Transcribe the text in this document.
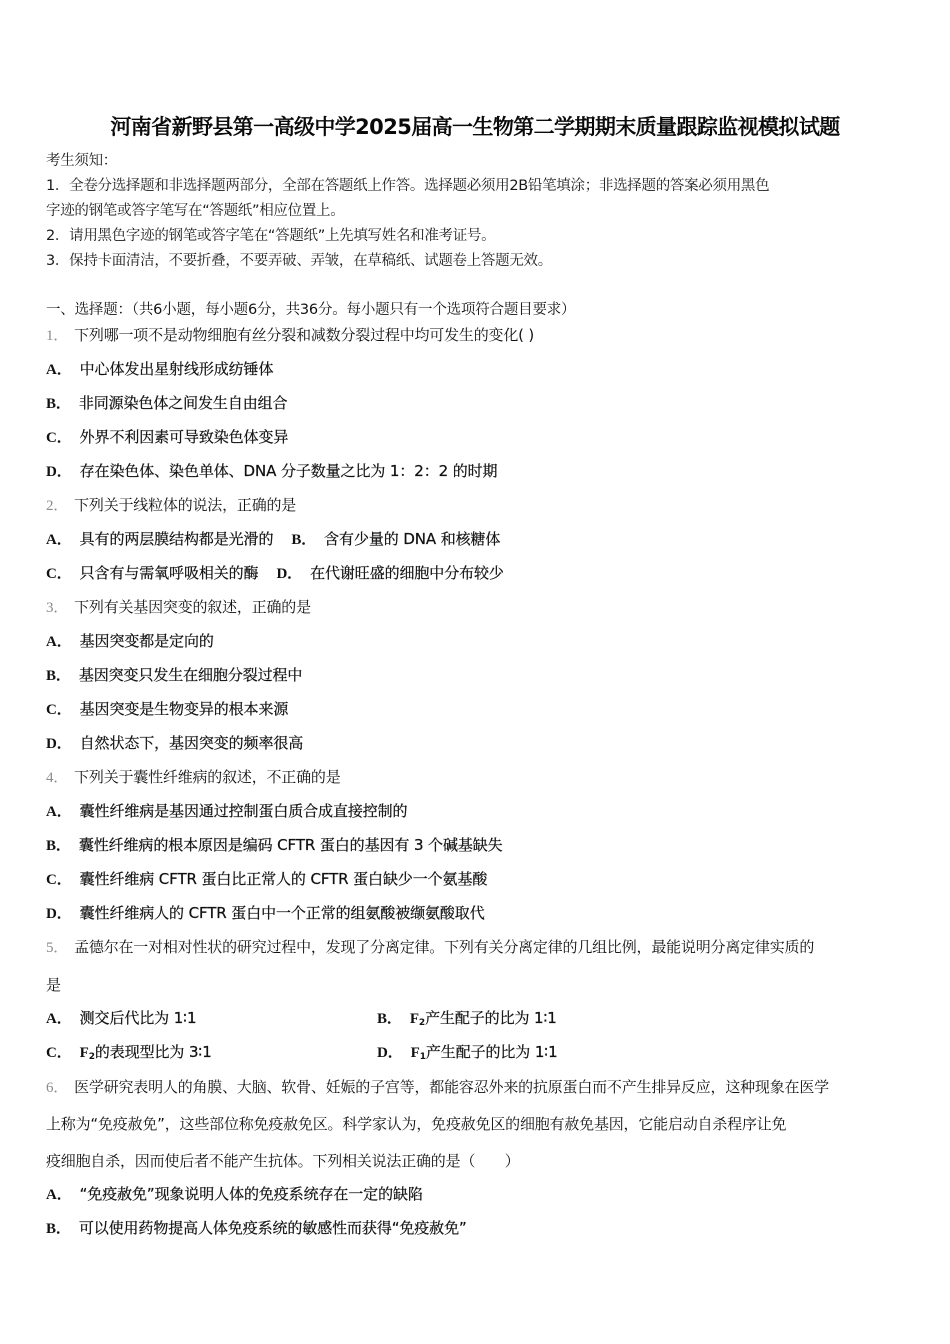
河南省新野县第一高级中学2025届高一生物第二学期期末质量跟踪监视模拟试题
考生须知：
1．全卷分选择题和非选择题两部分，全部在答题纸上作答。选择题必须用2B铅笔填涂；非选择题的答案必须用黑色
字迹的钢笔或答字笔写在“答题纸”相应位置上。
2．请用黑色字迹的钢笔或答字笔在“答题纸”上先填写姓名和准考证号。
3．保持卡面清洁，不要折叠，不要弄破、弄皱，在草稿纸、试题卷上答题无效。
一、选择题：（共6小题，每小题6分，共36分。每小题只有一个选项符合题目要求）
1． 下列哪一项不是动物细胞有丝分裂和减数分裂过程中均可发生的变化( )
A． 中心体发出星射线形成纺锤体
B． 非同源染色体之间发生自由组合
C． 外界不利因素可导致染色体变异
D． 存在染色体、染色单体、DNA 分子数量之比为 1：2：2 的时期
2． 下列关于线粒体的说法，正确的是
A． 具有的两层膜结构都是光滑的 B． 含有少量的 DNA 和核糖体
C． 只含有与需氧呼吸相关的酶 D． 在代谢旺盛的细胞中分布较少
3． 下列有关基因突变的叙述，正确的是
A． 基因突变都是定向的
B． 基因突变只发生在细胞分裂过程中
C． 基因突变是生物变异的根本来源
D． 自然状态下，基因突变的频率很高
4． 下列关于囊性纤维病的叙述，不正确的是
A． 囊性纤维病是基因通过控制蛋白质合成直接控制的
B． 囊性纤维病的根本原因是编码 CFTR 蛋白的基因有 3 个碱基缺失
C． 囊性纤维病 CFTR 蛋白比正常人的 CFTR 蛋白缺少一个氨基酸
D． 囊性纤维病人的 CFTR 蛋白中一个正常的组氨酸被缬氨酸取代
5． 孟德尔在一对相对性状的研究过程中，发现了分离定律。下列有关分离定律的几组比例，最能说明分离定律实质的
是
A． 测交后代比为 1∶1	B． $F_2$产生配子的比为 1∶1
C． $F_2$的表现型比为 3∶1	D． $F_1$产生配子的比为 1∶1
6． 医学研究表明人的角膜、大脑、软骨、妊娠的子宫等，都能容忍外来的抗原蛋白而不产生排异反应，这种现象在医学
上称为“免疫赦免”，这些部位称免疫赦免区。科学家认为，免疫赦免区的细胞有赦免基因，它能启动自杀程序让免
疫细胞自杀，因而使后者不能产生抗体。下列相关说法正确的是（　　）
A． “免疫赦免”现象说明人体的免疫系统存在一定的缺陷
B． 可以使用药物提高人体免疫系统的敏感性而获得“免疫赦免”
